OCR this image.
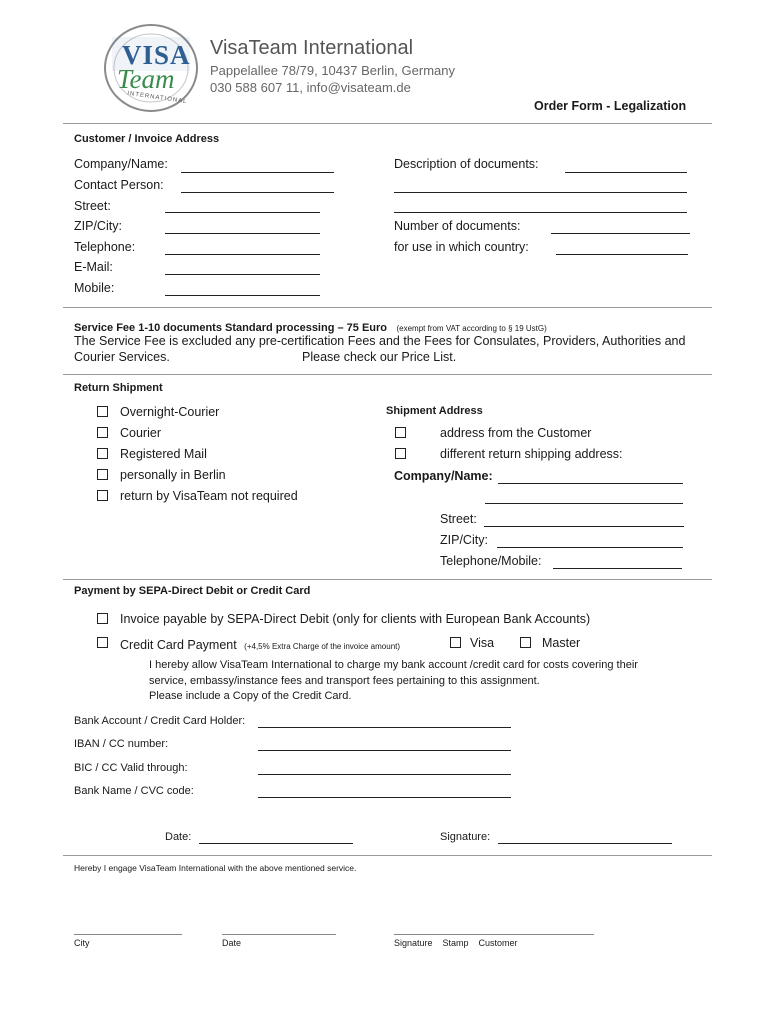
VISA
Team
INTERNATIONAL
VisaTeam International
Pappelallee 78/79, 10437 Berlin, Germany
030 588 607 11, info@visateam.de
Order Form - Legalization
Customer / Invoice Address
Company/Name:
Contact Person:
Street:
ZIP/City:
Telephone:
E-Mail:
Mobile:
Description of documents:
Number of documents:
for use in which country:
Service Fee 1-10 documents Standard processing – 75 Euro (exempt from VAT according to § 19 UstG)
The Service Fee is excluded any pre-certification Fees and the Fees for Consulates, Providers, Authorities and
Courier Services.	Please check our Price List.
Return Shipment
Overnight-Courier
Courier
Registered Mail
personally in Berlin
return by VisaTeam not required
Shipment Address
address from the Customer
different return shipping address:
Company/Name:
Street:
ZIP/City:
Telephone/Mobile:
Payment by SEPA-Direct Debit or Credit Card
Invoice payable by SEPA-Direct Debit (only for clients with European Bank Accounts)
Credit Card Payment (+4,5% Extra Charge of the invoice amount)	Visa	Master
I hereby allow VisaTeam International to charge my bank account /credit card for costs covering their
service, embassy/instance fees and transport fees pertaining to this assignment.
Please include a Copy of the Credit Card.
Bank Account / Credit Card Holder:
IBAN / CC number:
BIC / CC Valid through:
Bank Name / CVC code:
Date:	Signature:
Hereby I engage VisaTeam International with the above mentioned service.
City	Date	Signature    Stamp    Customer
